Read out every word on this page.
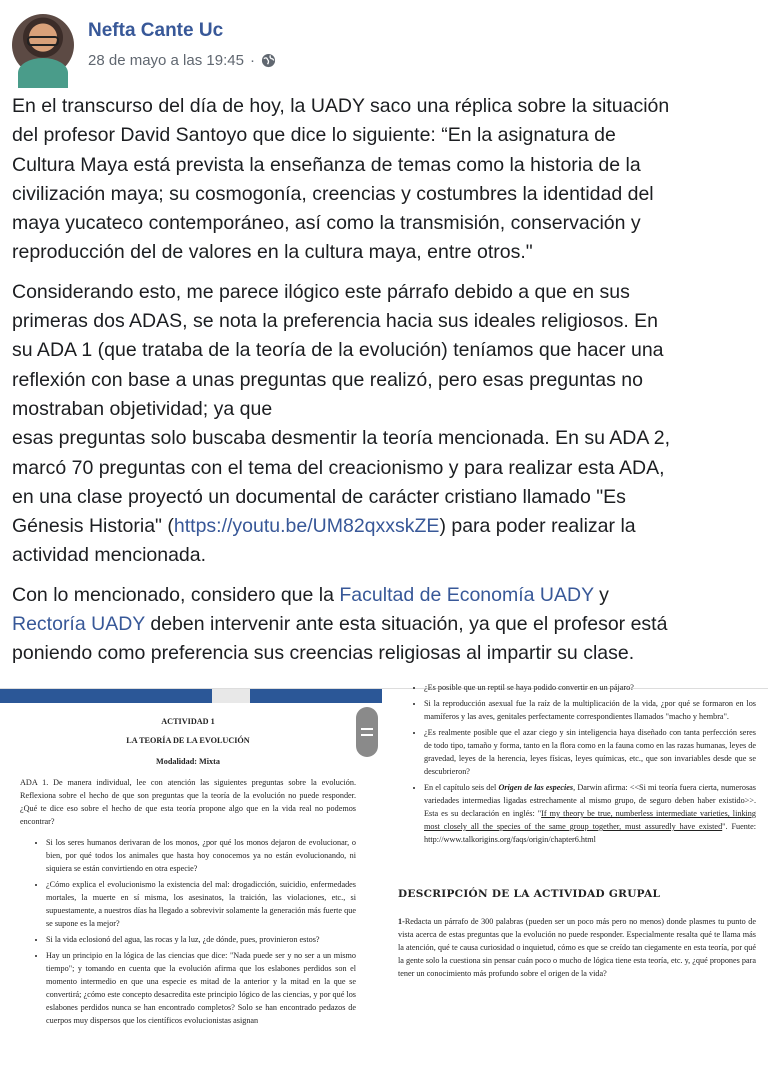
Nefta Cante Uc
28 de mayo a las 19:45 ·

En el transcurso del día de hoy, la UADY saco una réplica sobre la situación
del profesor David Santoyo que dice lo siguiente: “En la asignatura de
Cultura Maya está prevista la enseñanza de temas como la historia de la
civilización maya; su cosmogonía, creencias y costumbres la identidad del
maya yucateco contemporáneo, así como la transmisión, conservación y
reproducción del de valores en la cultura maya, entre otros."

Considerando esto, me parece ilógico este párrafo debido a que en sus
primeras dos ADAS, se nota la preferencia hacia sus ideales religiosos. En
su ADA 1 (que trataba de la teoría de la evolución) teníamos que hacer una
reflexión con base a unas preguntas que realizó, pero esas preguntas no
mostraban objetividad; ya que
esas preguntas solo buscaba desmentir la teoría mencionada. En su ADA 2,
marcó 70 preguntas con el tema del creacionismo y para realizar esta ADA,
en una clase proyectó un documental de carácter cristiano llamado "Es
Génesis Historia" (https://youtu.be/UM82qxxskZE) para poder realizar la
actividad mencionada.

Con lo mencionado, considero que la Facultad de Economía UADY y
Rectoría UADY deben intervenir ante esta situación, ya que el profesor está
poniendo como preferencia sus creencias religiosas al impartir su clase.

ACTIVIDAD 1
LA TEORÍA DE LA EVOLUCIÓN
Modalidad: Mixta
ADA 1. De manera individual, lee con atención las siguientes preguntas sobre la evolución. Reflexiona sobre el hecho de que son preguntas que la teoría de la evolución no puede responder. ¿Qué te dice eso sobre el hecho de que esta teoría propone algo que en la vida real no podemos encontrar?
• Si los seres humanos derivaran de los monos, ¿por qué los monos dejaron de evolucionar, o bien, por qué todos los animales que hasta hoy conocemos ya no están evolucionando, ni siquiera se están convirtiendo en otra especie?
• ¿Cómo explica el evolucionismo la existencia del mal: drogadicción, suicidio, enfermedades mortales, la muerte en sí misma, los asesinatos, la traición, las violaciones, etc., si supuestamente, a nuestros días ha llegado a sobrevivir solamente la generación más fuerte que se supone es la mejor?
• Si la vida eclosionó del agua, las rocas y la luz, ¿de dónde, pues, provinieron estos?
• Hay un principio en la lógica de las ciencias que dice: "Nada puede ser y no ser a un mismo tiempo"; y tomando en cuenta que la evolución afirma que los eslabones perdidos son el momento intermedio en que una especie es mitad de la anterior y la mitad en la que se convertirá; ¿cómo este concepto desacredita este principio lógico de las ciencias, y por qué los eslabones perdidos nunca se han encontrado completos? Solo se han encontrado pedazos de cuerpos muy dispersos que los científicos evolucionistas asignan
• ¿Es posible que un reptil se haya podido convertir en un pájaro?
• Si la reproducción asexual fue la raíz de la multiplicación de la vida, ¿por qué se formaron en los mamíferos y las aves, genitales perfectamente correspondientes llamados "macho y hembra".
• ¿Es realmente posible que el azar ciego y sin inteligencia haya diseñado con tanta perfección seres de todo tipo, tamaño y forma, tanto en la flora como en la fauna como en las razas humanas, leyes de gravedad, leyes de la herencia, leyes físicas, leyes químicas, etc., que son invariables desde que se descubrieron?
• En el capítulo seis del Origen de las especies, Darwin afirma: <<Si mi teoría fuera cierta, numerosas variedades intermedias ligadas estrechamente al mismo grupo, de seguro deben haber existido>>. Esta es su declaración en inglés: "If my theory be true, numberless intermediate varieties, linking most closely all the species of the same group together, must assuredly have existed". Fuente: http://www.talkorigins.org/faqs/origin/chapter6.html
DESCRIPCIÓN DE LA ACTIVIDAD GRUPAL
1-Redacta un párrafo de 300 palabras (pueden ser un poco más pero no menos) donde plasmes tu punto de vista acerca de estas preguntas que la evolución no puede responder. Especialmente resalta qué te llama más la atención, qué te causa curiosidad o inquietud, cómo es que se creído tan ciegamente en esta teoría, por qué la gente solo la cuestiona sin pensar cuán poco o mucho de lógica tiene esta teoría, etc. y, ¿qué propones para tener un conocimiento más profundo sobre el origen de la vida?
